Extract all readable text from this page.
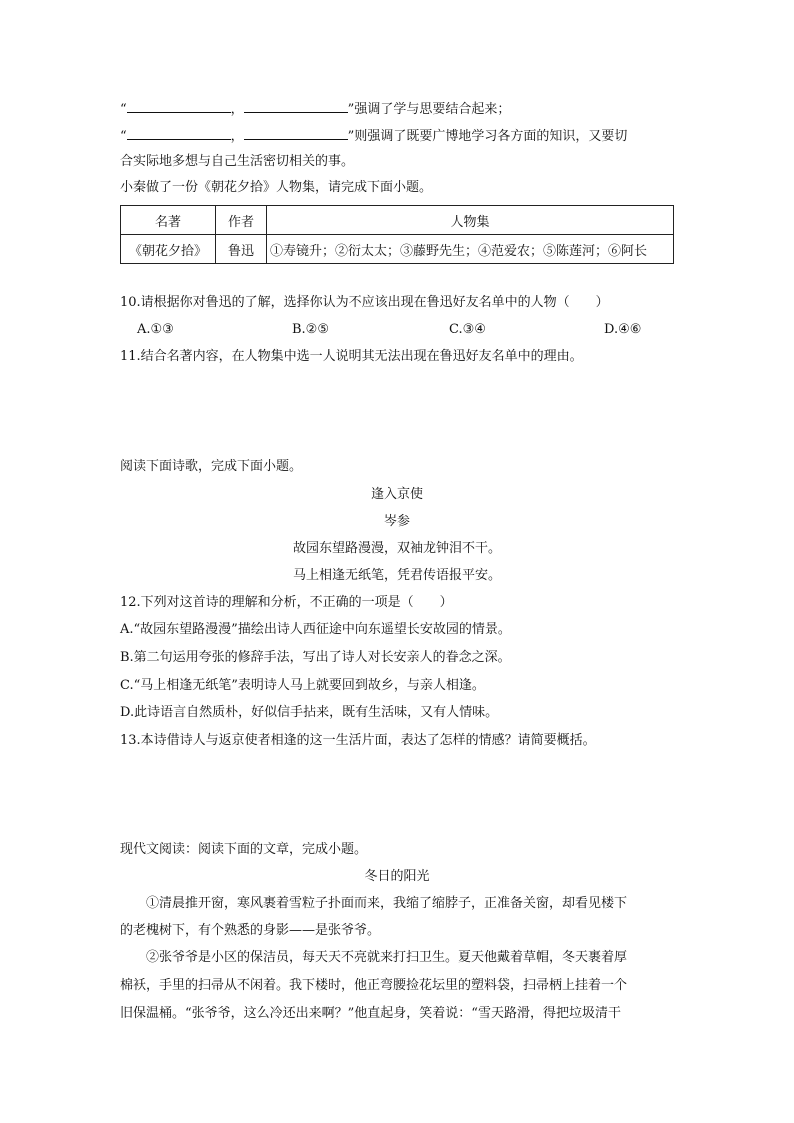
“	，	”强调了学与思要结合起来；
“	，	”则强调了既要广博地学习各方面的知识，又要切
合实际地多想与自己生活密切相关的事。
小秦做了一份《朝花夕拾》人物集，请完成下面小题。
名著	作者	人物集
《朝花夕拾》	鲁迅	①寿镜升；②衍太太；③藤野先生；④范爱农；⑤陈莲河；⑥阿长
10.请根据你对鲁迅的了解，选择你认为不应该出现在鲁迅好友名单中的人物（　　）
A.①③	B.②⑤	C.③④	D.④⑥
11.结合名著内容，在人物集中选一人说明其无法出现在鲁迅好友名单中的理由。
阅读下面诗歌，完成下面小题。
逢入京使
岑参
故园东望路漫漫，双袖龙钟泪不干。
马上相逢无纸笔，凭君传语报平安。
12.下列对这首诗的理解和分析，不正确的一项是（　　）
A.“故园东望路漫漫”描绘出诗人西征途中向东遥望长安故园的情景。
B.第二句运用夸张的修辞手法，写出了诗人对长安亲人的眷念之深。
C.“马上相逢无纸笔”表明诗人马上就要回到故乡，与亲人相逢。
D.此诗语言自然质朴，好似信手拈来，既有生活味，又有人情味。
13.本诗借诗人与返京使者相逢的这一生活片面，表达了怎样的情感？请简要概括。
现代文阅读：阅读下面的文章，完成小题。
冬日的阳光
①清晨推开窗，寒风裹着雪粒子扑面而来，我缩了缩脖子，正准备关窗，却看见楼下
的老槐树下，有个熟悉的身影——是张爷爷。
②张爷爷是小区的保洁员，每天天不亮就来打扫卫生。夏天他戴着草帽，冬天裹着厚
棉袄，手里的扫帚从不闲着。我下楼时，他正弯腰捡花坛里的塑料袋，扫帚柄上挂着一个
旧保温桶。“张爷爷，这么冷还出来啊？”他直起身，笑着说：“雪天路滑，得把垃圾清干
